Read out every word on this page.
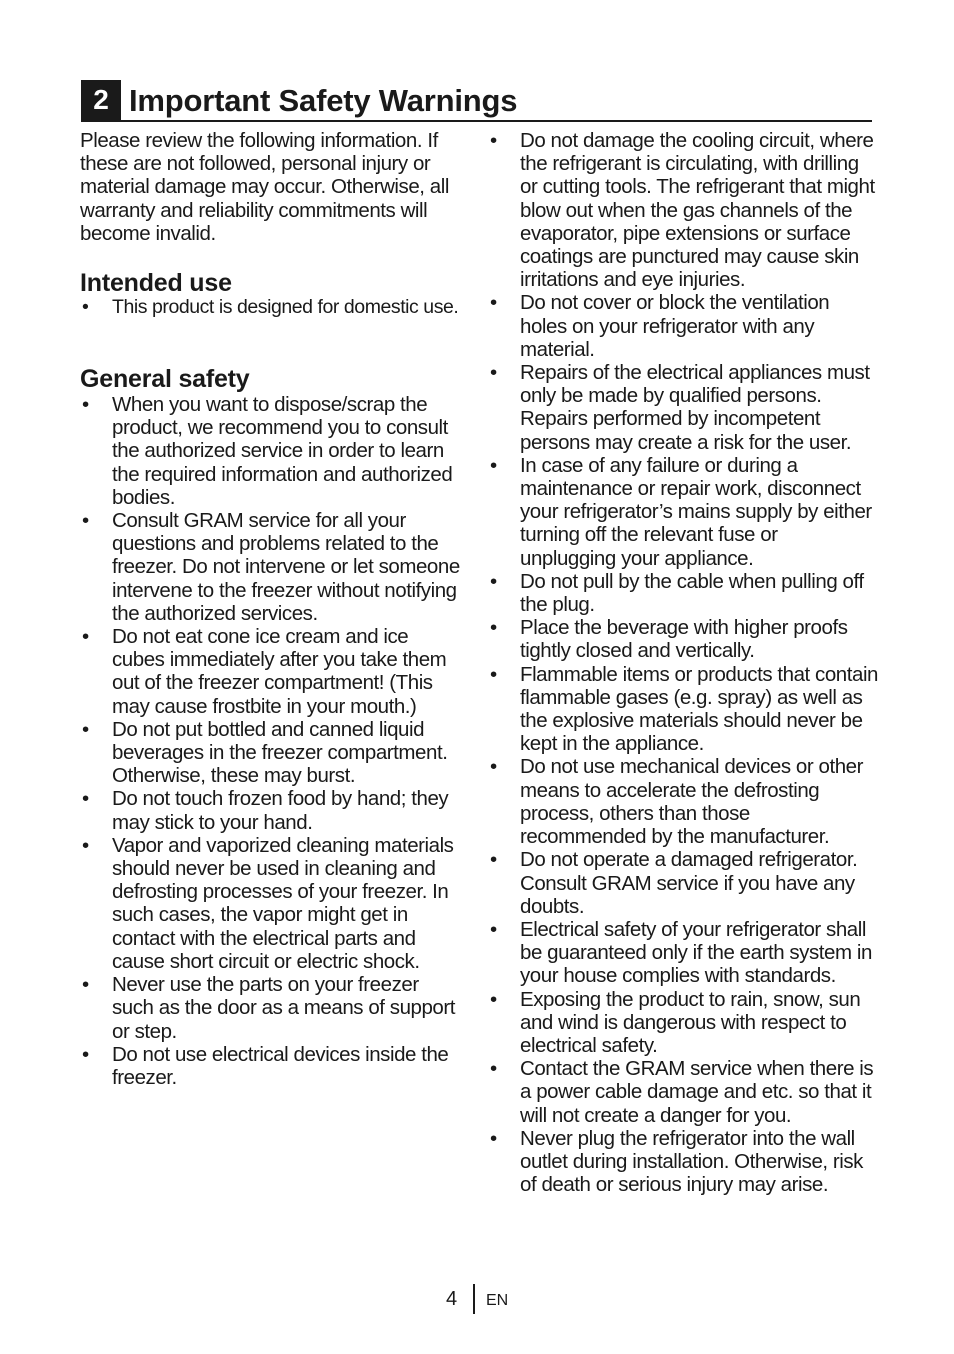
2 Important Safety Warnings

Please review the following information. If these are not followed, personal injury or material damage may occur. Otherwise, all warranty and reliability commitments will become invalid.

Intended use
• This product is designed for domestic use.
General safety
• When you want to dispose/scrap the product, we recommend you to consult the authorized service in order to learn the required information and authorized bodies.
• Consult GRAM service for all your questions and problems related to the freezer. Do not intervene or let someone intervene to the freezer without notifying the authorized services.
• Do not eat cone ice cream and ice cubes immediately after you take them out of the freezer compartment! (This may cause frostbite in your mouth.)
• Do not put bottled and canned liquid beverages in the freezer compartment. Otherwise, these may burst.
• Do not touch frozen food by hand; they may stick to your hand.
• Vapor and vaporized cleaning materials should never be used in cleaning and defrosting processes of your freezer. In such cases, the vapor might get in contact with the electrical parts and cause short circuit or electric shock.
• Never use the parts on your freezer such as the door as a means of support or step.
• Do not use electrical devices inside the freezer.
• Do not damage the cooling circuit, where the refrigerant is circulating, with drilling or cutting tools. The refrigerant that might blow out when the gas channels of the evaporator, pipe extensions or surface coatings are punctured may cause skin irritations and eye injuries.
• Do not cover or block the ventilation holes on your refrigerator with any material.
• Repairs of the electrical appliances must only be made by qualified persons. Repairs performed by incompetent persons may create a risk for the user.
• In case of any failure or during a maintenance or repair work, disconnect your refrigerator’s mains supply by either turning off the relevant fuse or unplugging your appliance.
• Do not pull by the cable when pulling off the plug.
• Place the beverage with higher proofs tightly closed and vertically.
• Flammable items or products that contain flammable gases (e.g. spray) as well as the explosive materials should never be kept in the appliance.
• Do not use mechanical devices or other means to accelerate the defrosting process, others than those recommended by the manufacturer.
• Do not operate a damaged refrigerator. Consult GRAM service if you have any doubts.
• Electrical safety of your refrigerator shall be guaranteed only if the earth system in your house complies with standards.
• Exposing the product to rain, snow, sun and wind is dangerous with respect to electrical safety.
• Contact the GRAM service when there is a power cable damage and etc. so that it will not create a danger for you.
• Never plug the refrigerator into the wall outlet during installation. Otherwise, risk of death or serious injury may arise.
4 EN
